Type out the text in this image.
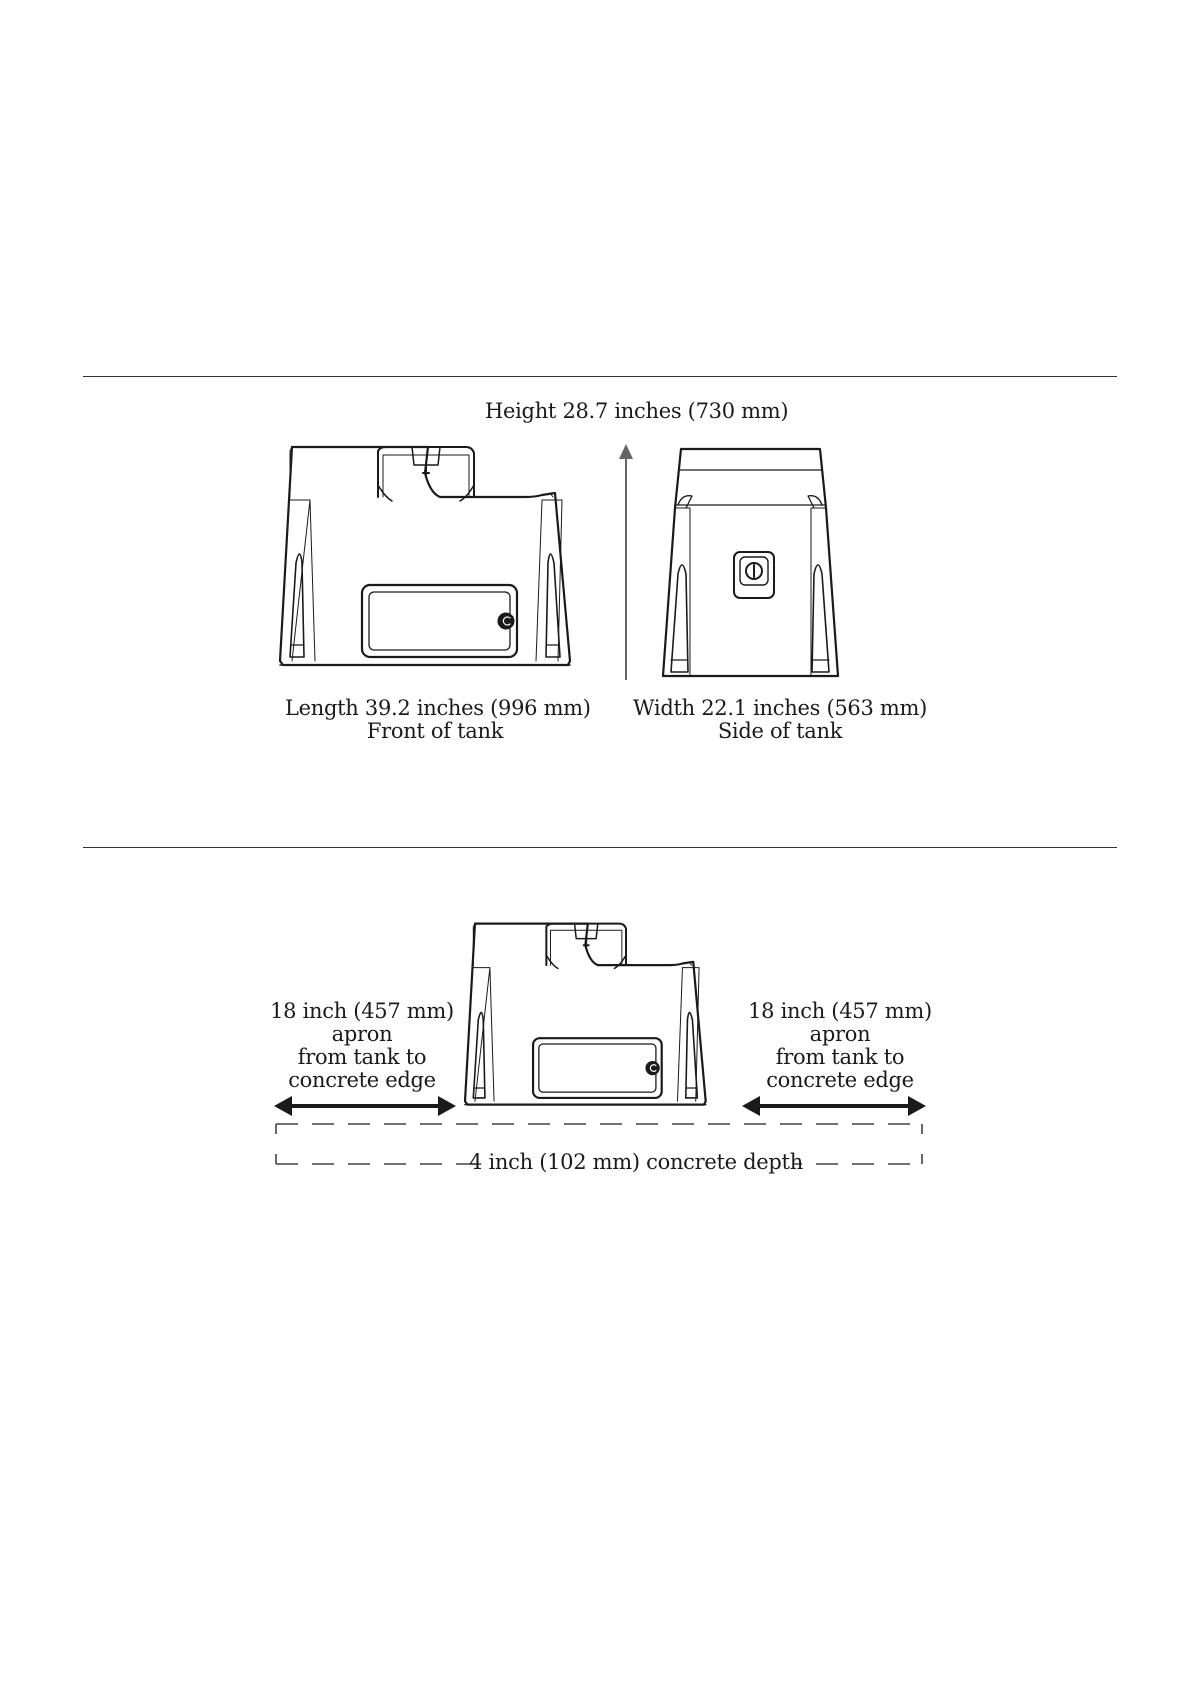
Height 28.7 inches (730 mm)
Length 39.2 inches (996 mm)
Front of tank
Width 22.1 inches (563 mm)
Side of tank
18 inch (457 mm)
apron
from tank to
concrete edge
18 inch (457 mm)
apron
from tank to
concrete edge
4 inch (102 mm) concrete depth
